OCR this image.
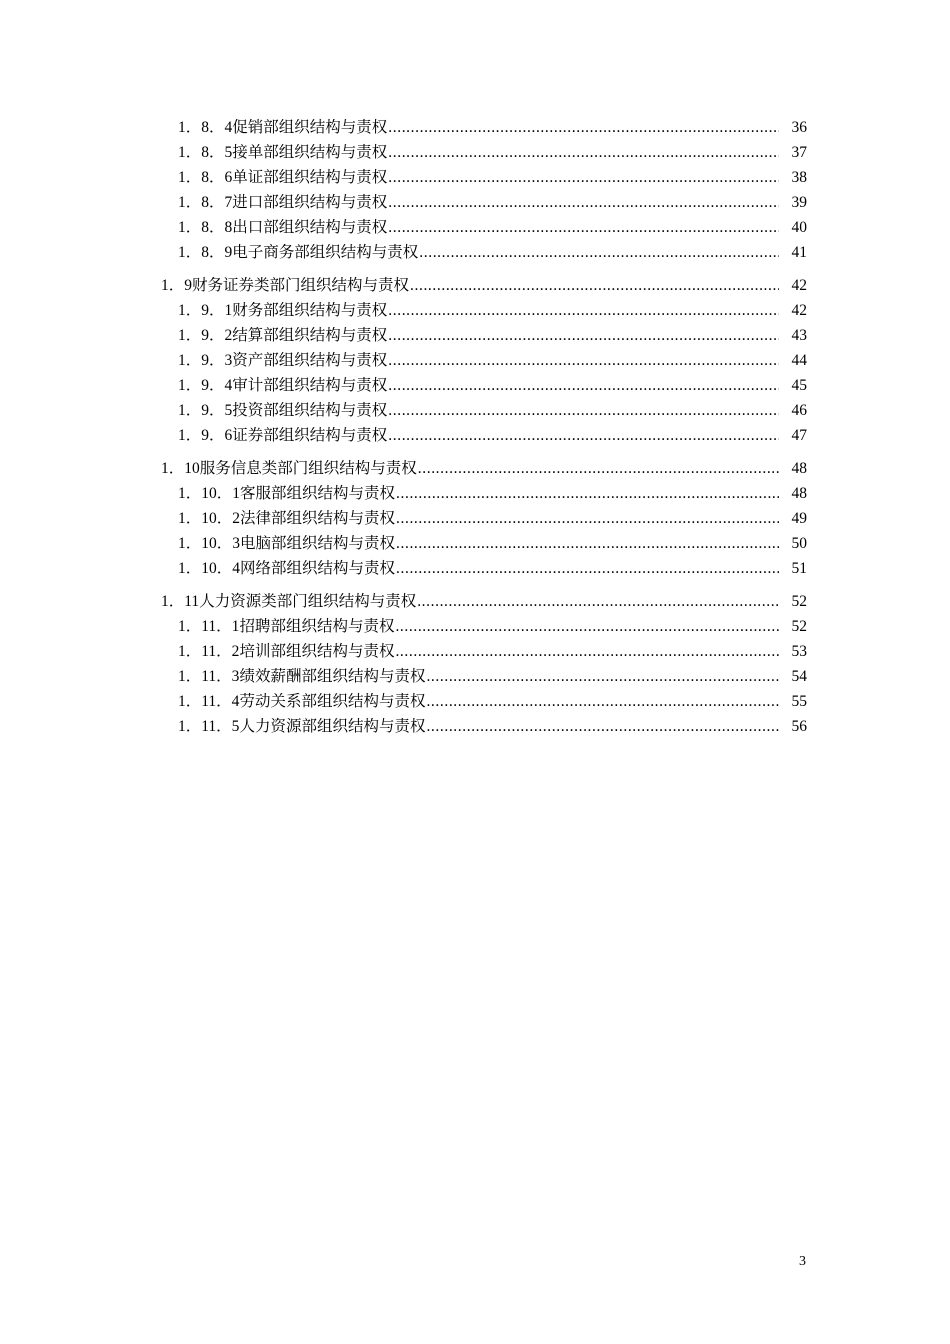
1．8．4 促销部组织结构与责权 .....	36
1．8．5 接单部组织结构与责权 .....	37
1．8．6 单证部组织结构与责权 .....	38
1．8．7 进口部组织结构与责权 .....	39
1．8．8 出口部组织结构与责权 .....	40
1．8．9 电子商务部组织结构与责权 .....	41
1．9 财务证券类部门组织结构与责权 .....	42
1．9．1 财务部组织结构与责权 .....	42
1．9．2 结算部组织结构与责权 .....	43
1．9．3 资产部组织结构与责权 .....	44
1．9．4 审计部组织结构与责权 .....	45
1．9．5 投资部组织结构与责权 .....	46
1．9．6 证券部组织结构与责权 .....	47
1．10 服务信息类部门组织结构与责权 .....	48
1．10．1 客服部组织结构与责权 .....	48
1．10．2 法律部组织结构与责权 .....	49
1．10．3 电脑部组织结构与责权 .....	50
1．10．4 网络部组织结构与责权 .....	51
1．11 人力资源类部门组织结构与责权 .....	52
1．11．1 招聘部组织结构与责权 .....	52
1．11．2 培训部组织结构与责权 .....	53
1．11．3 绩效薪酬部组织结构与责权 .....	54
1．11．4 劳动关系部组织结构与责权 .....	55
1．11．5 人力资源部组织结构与责权 .....	56
3
